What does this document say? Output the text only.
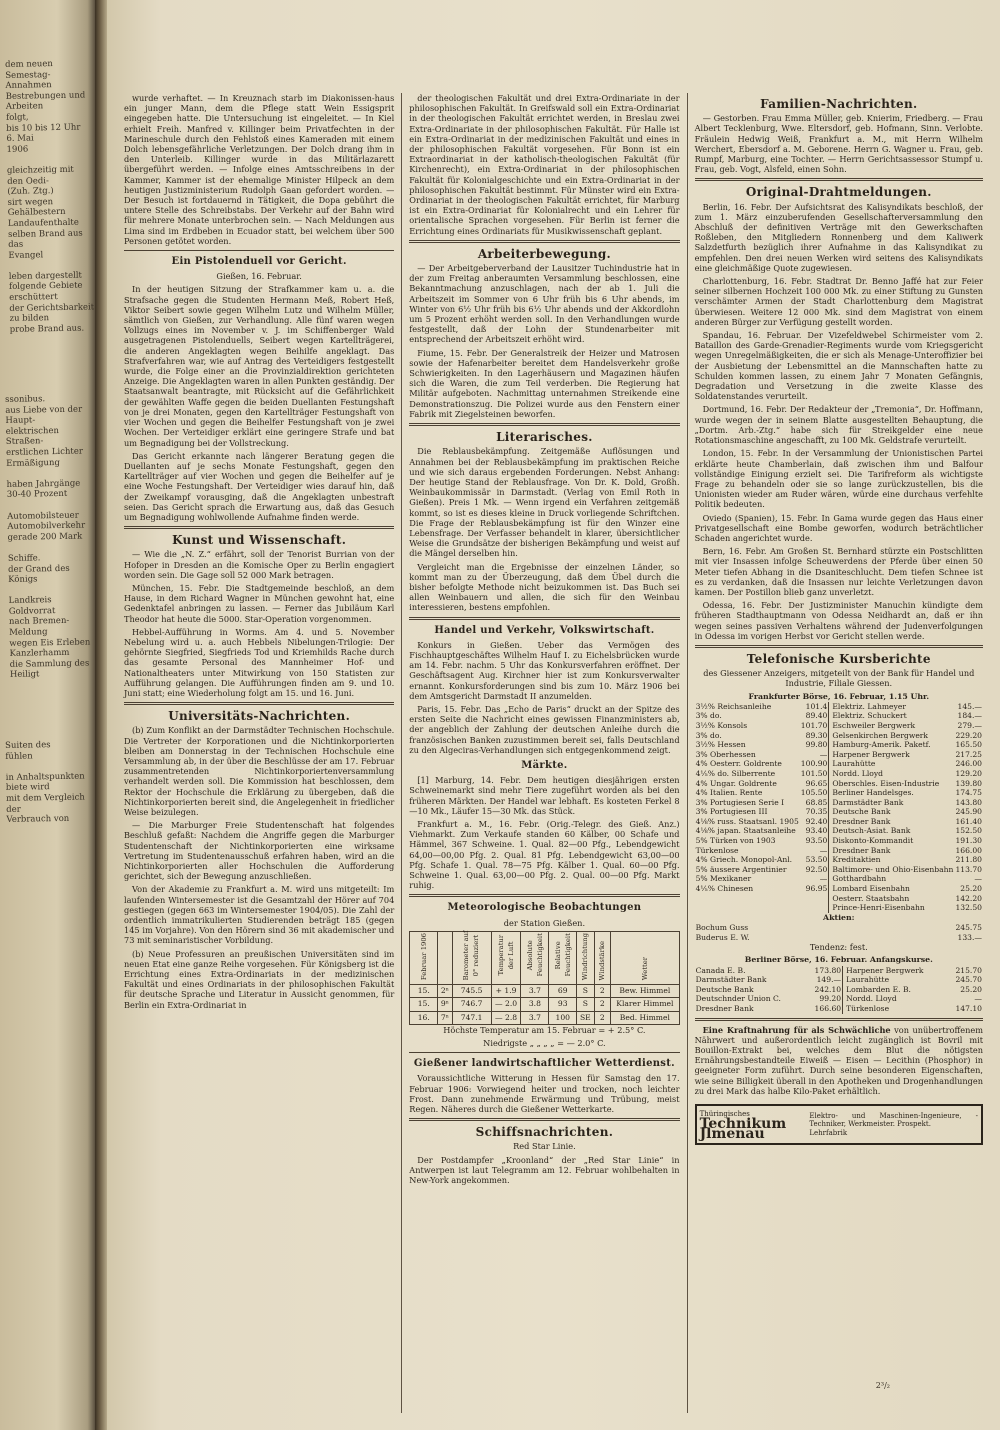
dem neuen Semestag-
Annahmen
Bestrebungen und Arbeiten
folgt,
bis 10 bis 12 Uhr
6. Mai
1906

gleichzeitig mit den Oedi-
(Zuh. Ztg.)
sirt wegen Gehälbestern
Landaufenthalte
selben Brand aus
das
Evangel

leben dargestellt
folgende Gebiete
erschüttert
der Gerichtsbarkeit zu bilden
probe Brand aus.
ssonibus.
aus Liebe von der Haupt-
elektrischen Straßen-
erstlichen Lichter
Ermäßigung

haben Jahrgänge
30-40 Prozent

Automobilsteuer
Automobilverkehr
gerade 200 Mark

Schiffe.
der Grand des Königs

Landkreis
Goldvorrat
nach Bremen-
Meldung
wegen Eis Erleben
Kanzlerhamm
die Sammlung des Heiligt
Suiten des
fühlen

in Anhaltspunkten
biete wird
mit dem Vergleich der
Verbrauch von

wurde verhaftet. — In Kreuznach starb im Diakonissen-haus ein junger Mann, dem die Pflege statt Wein Essigsprit eingegeben hatte. Die Untersuchung ist eingeleitet. — In Kiel erhielt Freih. Manfred v. Killinger beim Privatfechten in der Marineschule durch den Fehlstoß eines Kameraden mit einem Dolch lebensgefährliche Verletzungen. Der Dolch drang ihm in den Unterleib. Killinger wurde in das Militärlazarett übergeführt werden. — Infolge eines Amtsschreibens in der Kammer, Kammer ist der ehemalige Minister Hilpeck an dem heutigen Justizministerium Rudolph Gaan gefordert worden. — Der Besuch ist fortdauernd in Tätigkeit, die Dopa gebührt die untere Stelle des Schreibstabs. Der Verkehr auf der Bahn wird für mehrere Monate unterbrochen sein. — Nach Meldungen aus Lima sind im Erdbeben in Ecuador statt, bei welchem über 500 Personen getötet worden.

Ein Pistolenduell vor Gericht.

Gießen, 16. Februar.

In der heutigen Sitzung der Strafkammer kam u. a. die Strafsache gegen die Studenten Hermann Meß, Robert Heß, Viktor Seibert sowie gegen Wilhelm Lutz und Wilhelm Müller, sämtlich von Gießen, zur Verhandlung. Alle fünf waren wegen Vollzugs eines im November v. J. im Schiffenberger Wald ausgetragenen Pistolenduells, Seibert wegen Kartellträgerei, die anderen Angeklagten wegen Beihilfe angeklagt. Das Strafverfahren war, wie auf Antrag des Verteidigers festgestellt wurde, die Folge einer an die Provinzialdirektion gerichteten Anzeige. Die Angeklagten waren in allen Punkten geständig. Der Staatsanwalt beantragte, mit Rücksicht auf die Gefährlichkeit der gewählten Waffe gegen die beiden Duellanten Festungshaft von je drei Monaten, gegen den Kartellträger Festungshaft von vier Wochen und gegen die Beihelfer Festungshaft von je zwei Wochen. Der Verteidiger erklärt eine geringere Strafe und bat um Begnadigung bei der Vollstreckung.

Das Gericht erkannte nach längerer Beratung gegen die Duellanten auf je sechs Monate Festungshaft, gegen den Kartellträger auf vier Wochen und gegen die Beihelfer auf je eine Woche Festungshaft. Der Verteidiger wies darauf hin, daß der Zweikampf vorausging, daß die Angeklagten unbestraft seien. Das Gericht sprach die Erwartung aus, daß das Gesuch um Begnadigung wohlwollende Aufnahme finden werde.

Kunst und Wissenschaft.

— Wie die „N. Z.“ erfährt, soll der Tenorist Burrian von der Hofoper in Dresden an die Komische Oper zu Berlin engagiert worden sein. Die Gage soll 52 000 Mark betragen.

München, 15. Febr. Die Stadtgemeinde beschloß, an dem Hause, in dem Richard Wagner in München gewohnt hat, eine Gedenktafel anbringen zu lassen. — Ferner das Jubiläum Karl Theodor hat heute die 5000. Star-Operation vorgenommen.

Hebbel-Aufführung in Worms. Am 4. und 5. November Nebelung wird u. a. auch Hebbels Nibelungen-Trilogie: Der gehörnte Siegfried, Siegfrieds Tod und Kriemhilds Rache durch das gesamte Personal des Mannheimer Hof- und Nationaltheaters unter Mitwirkung von 150 Statisten zur Aufführung gelangen. Die Aufführungen finden am 9. und 10. Juni statt; eine Wiederholung folgt am 15. und 16. Juni.

Universitäts-Nachrichten.

(b) Zum Konflikt an der Darmstädter Technischen Hochschule. Die Vertreter der Korporationen und die Nichtinkorporierten bleiben am Donnerstag in der Technischen Hochschule eine Versammlung ab, in der über die Beschlüsse der am 17. Februar zusammentretenden Nichtinkorporiertenversammlung verhandelt werden soll. Die Kommission hat beschlossen, dem Rektor der Hochschule die Erklärung zu übergeben, daß die Nichtinkorporierten bereit sind, die Angelegenheit in friedlicher Weise beizulegen.

— Die Marburger Freie Studentenschaft hat folgendes Beschluß gefaßt: Nachdem die Angriffe gegen die Marburger Studentenschaft der Nichtinkorporierten eine wirksame Vertretung im Studentenausschuß erfahren haben, wird an die Nichtinkorporierten aller Hochschulen die Aufforderung gerichtet, sich der Bewegung anzuschließen.

Von der Akademie zu Frankfurt a. M. wird uns mitgeteilt: Im laufenden Wintersemester ist die Gesamtzahl der Hörer auf 704 gestiegen (gegen 663 im Wintersemester 1904/05). Die Zahl der ordentlich immatrikulierten Studierenden beträgt 185 (gegen 145 im Vorjahre). Von den Hörern sind 36 mit akademischer und 73 mit seminaristischer Vorbildung.

(b) Neue Professuren an preußischen Universitäten sind im neuen Etat eine ganze Reihe vorgesehen. Für Königsberg ist die Errichtung eines Extra-Ordinariats in der medizinischen Fakultät und eines Ordinariats in der philosophischen Fakultät für deutsche Sprache und Literatur in Aussicht genommen, für Berlin ein Extra-Ordinariat in

der theologischen Fakultät und drei Extra-Ordinariate in der philosophischen Fakultät. In Greifswald soll ein Extra-Ordinariat in der theologischen Fakultät errichtet werden, in Breslau zwei Extra-Ordinariate in der philosophischen Fakultät. Für Halle ist ein Extra-Ordinariat in der medizinischen Fakultät und eines in der philosophischen Fakultät vorgesehen. Für Bonn ist ein Extraordinariat in der katholisch-theologischen Fakultät (für Kirchenrecht), ein Extra-Ordinariat in der philosophischen Fakultät für Kolonialgeschichte und ein Extra-Ordinariat in der philosophischen Fakultät bestimmt. Für Münster wird ein Extra-Ordinariat in der theologischen Fakultät errichtet, für Marburg ist ein Extra-Ordinariat für Kolonialrecht und ein Lehrer für orientalische Sprachen vorgesehen. Für Berlin ist ferner die Errichtung eines Ordinariats für Musikwissenschaft geplant.

Arbeiterbewegung.

— Der Arbeitgeberverband der Lausitzer Tuchindustrie hat in der zum Freitag anberaumten Versammlung beschlossen, eine Bekanntmachung anzuschlagen, nach der ab 1. Juli die Arbeitszeit im Sommer von 6 Uhr früh bis 6 Uhr abends, im Winter von 6½ Uhr früh bis 6½ Uhr abends und der Akkordlohn um 5 Prozent erhöht werden soll. In den Verhandlungen wurde festgestellt, daß der Lohn der Stundenarbeiter mit entsprechend der Arbeitszeit erhöht wird.

Fiume, 15. Febr. Der Generalstreik der Heizer und Matrosen sowie der Hafenarbeiter bereitet dem Handelsverkehr große Schwierigkeiten. In den Lagerhäusern und Magazinen häufen sich die Waren, die zum Teil verderben. Die Regierung hat Militär aufgeboten. Nachmittag unternahmen Streikende eine Demonstrationszug. Die Polizei wurde aus den Fenstern einer Fabrik mit Ziegelsteinen beworfen.

Literarisches.

Die Reblausbekämpfung. Zeitgemäße Auflösungen und Annahmen bei der Reblausbekämpfung im praktischen Reiche und wie sich daraus ergebenden Forderungen. Nebst Anhang: Der heutige Stand der Reblausfrage. Von Dr. K. Dold, Großh. Weinbaukommissär in Darmstadt. (Verlag von Emil Roth in Gießen). Preis 1 Mk. — Wenn irgend ein Verfahren zeitgemäß kommt, so ist es dieses kleine in Druck vorliegende Schriftchen. Die Frage der Reblausbekämpfung ist für den Winzer eine Lebensfrage. Der Verfasser behandelt in klarer, übersichtlicher Weise die Grundsätze der bisherigen Bekämpfung und weist auf die Mängel derselben hin.

Vergleicht man die Ergebnisse der einzelnen Länder, so kommt man zu der Überzeugung, daß dem Übel durch die bisher befolgte Methode nicht beizukommen ist. Das Buch sei allen Weinbauern und allen, die sich für den Weinbau interessieren, bestens empfohlen.

Handel und Verkehr, Volkswirtschaft.

Konkurs in Gießen. Ueber das Vermögen des Fischhauptgeschäftes Wilhelm Hauf I. zu Eichelsbrücken wurde am 14. Febr. nachm. 5 Uhr das Konkursverfahren eröffnet. Der Geschäftsagent Aug. Kirchner hier ist zum Konkursverwalter ernannt. Konkursforderungen sind bis zum 10. März 1906 bei dem Amtsgericht Darmstadt II anzumelden.

Paris, 15. Febr. Das „Echo de Paris“ druckt an der Spitze des ersten Seite die Nachricht eines gewissen Finanzministers ab, der angeblich der Zahlung der deutschen Anleihe durch die französischen Banken zuzustimmen bereit sei, falls Deutschland zu den Algeciras-Verhandlungen sich entgegenkommend zeigt.

Märkte.

[1] Marburg, 14. Febr. Dem heutigen diesjährigen ersten Schweinemarkt sind mehr Tiere zugeführt worden als bei den früheren Märkten. Der Handel war lebhaft. Es kosteten Ferkel 8—10 Mk., Läufer 15—30 Mk. das Stück.

Frankfurt a. M., 16. Febr. (Orig.-Telegr. des Gieß. Anz.) Viehmarkt. Zum Verkaufe standen 60 Kälber, 00 Schafe und Hämmel, 367 Schweine. 1. Qual. 82—00 Pfg., Lebendgewicht 64,00—00,00 Pfg. 2. Qual. 81 Pfg. Lebendgewicht 63,00—00 Pfg. Schafe 1. Qual. 78—75 Pfg. Kälber 1. Qual. 60—00 Pfg. Schweine 1. Qual. 63,00—00 Pfg. 2. Qual. 00—00 Pfg. Markt ruhig.

Meteorologische Beobachtungen

der Station Gießen.

Februar 1906		Barometer auf 0° reduziert	Temperatur der Luft	Absolute Feuchtigkeit	Relative Feuchtigkeit	Windrichtung	Windstärke	Wetter
15.	2ⁿ	745.5	+ 1.9	3.7	69	S	2	Bew. Himmel
15.	9ⁿ	746.7	— 2.0	3.8	93	S	2	Klarer Himmel
16.	7ⁿ	747.1	— 2.8	3.7	100	SE	2	Bed. Himmel

Höchste Temperatur am 15. Februar = + 2.5° C.

Niedrigste „ „ „ „ = — 2.0° C.

Gießener landwirtschaftlicher Wetterdienst.

Voraussichtliche Witterung in Hessen für Samstag den 17. Februar 1906: Vorwiegend heiter und trocken, noch leichter Frost. Dann zunehmende Erwärmung und Trübung, meist Regen. Näheres durch die Gießener Wetterkarte.

Schiffsnachrichten.

Red Star Linie.

Der Postdampfer „Kroonland“ der „Red Star Linie“ in Antwerpen ist laut Telegramm am 12. Februar wohlbehalten in New-York angekommen.

Familien-Nachrichten.

— Gestorben. Frau Emma Müller, geb. Knierim, Friedberg. — Frau Albert Tecklenburg, Wwe. Eltersdorf, geb. Hofmann, Sinn. Verlobte. Fräulein Hedwig Weiß, Frankfurt a. M., mit Herrn Wilhelm Werchert, Ebersdorf a. M. Geborene. Herrn G. Wagner u. Frau, geb. Rumpf, Marburg, eine Tochter. — Herrn Gerichtsassessor Stumpf u. Frau, geb. Vogt, Alsfeld, einen Sohn.

Original-Drahtmeldungen.

Berlin, 16. Febr. Der Aufsichtsrat des Kalisyndikats beschloß, der zum 1. März einzuberufenden Gesellschafterversammlung den Abschluß der definitiven Verträge mit den Gewerkschaften Roßleben, den Mitgliedern Ronnenberg und dem Kaliwerk Salzdetfurth bezüglich ihrer Aufnahme in das Kalisyndikat zu empfehlen. Den drei neuen Werken wird seitens des Kalisyndikats eine gleichmäßige Quote zugewiesen.

Charlottenburg, 16. Febr. Stadtrat Dr. Benno Jaffé hat zur Feier seiner silbernen Hochzeit 100 000 Mk. zu einer Stiftung zu Gunsten verschämter Armen der Stadt Charlottenburg dem Magistrat überwiesen. Weitere 12 000 Mk. sind dem Magistrat von einem anderen Bürger zur Verfügung gestellt worden.

Spandau, 16. Februar. Der Vizefeldwebel Schirmeister vom 2. Bataillon des Garde-Grenadier-Regiments wurde vom Kriegsgericht wegen Unregelmäßigkeiten, die er sich als Menage-Unteroffizier bei der Ausbietung der Lebensmittel an die Mannschaften hatte zu Schulden kommen lassen, zu einem Jahr 7 Monaten Gefängnis, Degradation und Versetzung in die zweite Klasse des Soldatenstandes verurteilt.

Dortmund, 16. Febr. Der Redakteur der „Tremonia“, Dr. Hoffmann, wurde wegen der in seinem Blatte ausgestellten Behauptung, die „Dortm. Arb.-Ztg.“ habe sich für Streikgelder eine neue Rotationsmaschine angeschafft, zu 100 Mk. Geldstrafe verurteilt.

London, 15. Febr. In der Versammlung der Unionistischen Partei erklärte heute Chamberlain, daß zwischen ihm und Balfour vollständige Einigung erzielt sei. Die Tarifreform als wichtigste Frage zu behandeln oder sie so lange zurückzustellen, bis die Unionisten wieder am Ruder wären, würde eine durchaus verfehlte Politik bedeuten.

Oviedo (Spanien), 15. Febr. In Gama wurde gegen das Haus einer Privatgesellschaft eine Bombe geworfen, wodurch beträchtlicher Schaden angerichtet wurde.

Bern, 16. Febr. Am Großen St. Bernhard stürzte ein Postschlitten mit vier Insassen infolge Scheuwerdens der Pferde über einen 50 Meter tiefen Abhang in die Dsaniteschlucht. Dem tiefen Schnee ist es zu verdanken, daß die Insassen nur leichte Verletzungen davon kamen. Der Postillon blieb ganz unverletzt.

Odessa, 16. Febr. Der Justizminister Manuchin kündigte dem früheren Stadthauptmann von Odessa Neidhardt an, daß er ihn wegen seines passiven Verhaltens während der Judenverfolgungen in Odessa im vorigen Herbst vor Gericht stellen werde.

Telefonische Kursberichte

des Giessener Anzeigers, mitgeteilt von der Bank für Handel und Industrie, Filiale Giessen.

Frankfurter Börse, 16. Februar, 1.15 Uhr.
3½% Reichsanleihe	101.4	Elektriz. Lahmeyer	145.—
3% do.	89.40	Elektriz. Schuckert	184.—
3½% Konsols	101.70	Eschweiler Bergwerk	279.—
3% do.	89.30	Gelsenkirchen Bergwerk	229.20
3½% Hessen	99.80	Hamburg-Amerik. Paketf.	165.50
3% Oberhessen	—	Harpener Bergwerk	217.25
4% Oesterr. Goldrente	100.90	Laurahütte	246.00
4⅕% do. Silberrente	101.50	Nordd. Lloyd	129.20
4% Ungar. Goldrente	96.65	Oberschles. Eisen-Industrie	139.80
4% Italien. Rente	105.50	Berliner Handelsges.	174.75
3% Portugiesen Serie I	68.85	Darmstädter Bank	143.80
3% Portugiesen III	70.35	Deutsche Bank	245.90
4⅛% russ. Staatsanl. 1905	92.40	Dresdner Bank	161.40
4⅛% japan. Staatsanleihe	93.40	Deutsch-Asiat. Bank	152.50
5% Türken von 1903	93.50	Diskonto-Kommandit	191.30
Türkenlose	—	Dresdner Bank	166.00
4% Griech. Monopol-Anl.	53.50	Kreditaktien	211.80
5% äussere Argentinier	92.50	Baltimore- und Ohio-Eisenbahn	113.70
5% Mexikaner	—	Gotthardbahn	—
4⅕% Chinesen	96.95	Lombard Eisenbahn	25.20
		Oesterr. Staatsbahn	142.20
		Prince-Henri-Eisenbahn	132.50
Aktien:
Bochum Guss	245.75
Buderus E. W.	133.—

Tendenz: fest.

Berliner Börse, 16. Februar. Anfangskurse.
Canada E. B.	173.80	Harpener Bergwerk	215.70
Darmstädter Bank	149.—	Laurahütte	245.70
Deutsche Bank	242.10	Lombarden E. B.	25.20
Deutschnder Union C.	99.20	Nordd. Lloyd	—
Dresdner Bank	166.60	Türkenlose	147.10

Eine Kraftnahrung für als Schwächliche von unübertroffenem Nährwert und außerordentlich leicht zugänglich ist Bovril mit Bouillon-Extrakt bei, welches dem Blut die nötigsten Ernährungsbestandteile Eiweiß — Eisen — Lecithin (Phosphor) in geeigneter Form zuführt. Durch seine besonderen Eigenschaften, wie seine Billigkeit überall in den Apotheken und Drogenhandlungen zu drei Mark das halbe Kilo-Paket erhältlich.

Thüringisches
Technikum Jlmenau
Elektro- und Maschinen-Ingenieure, -Techniker, Werkmeister. Prospekt.
Lehrfabrik
2³/₂
